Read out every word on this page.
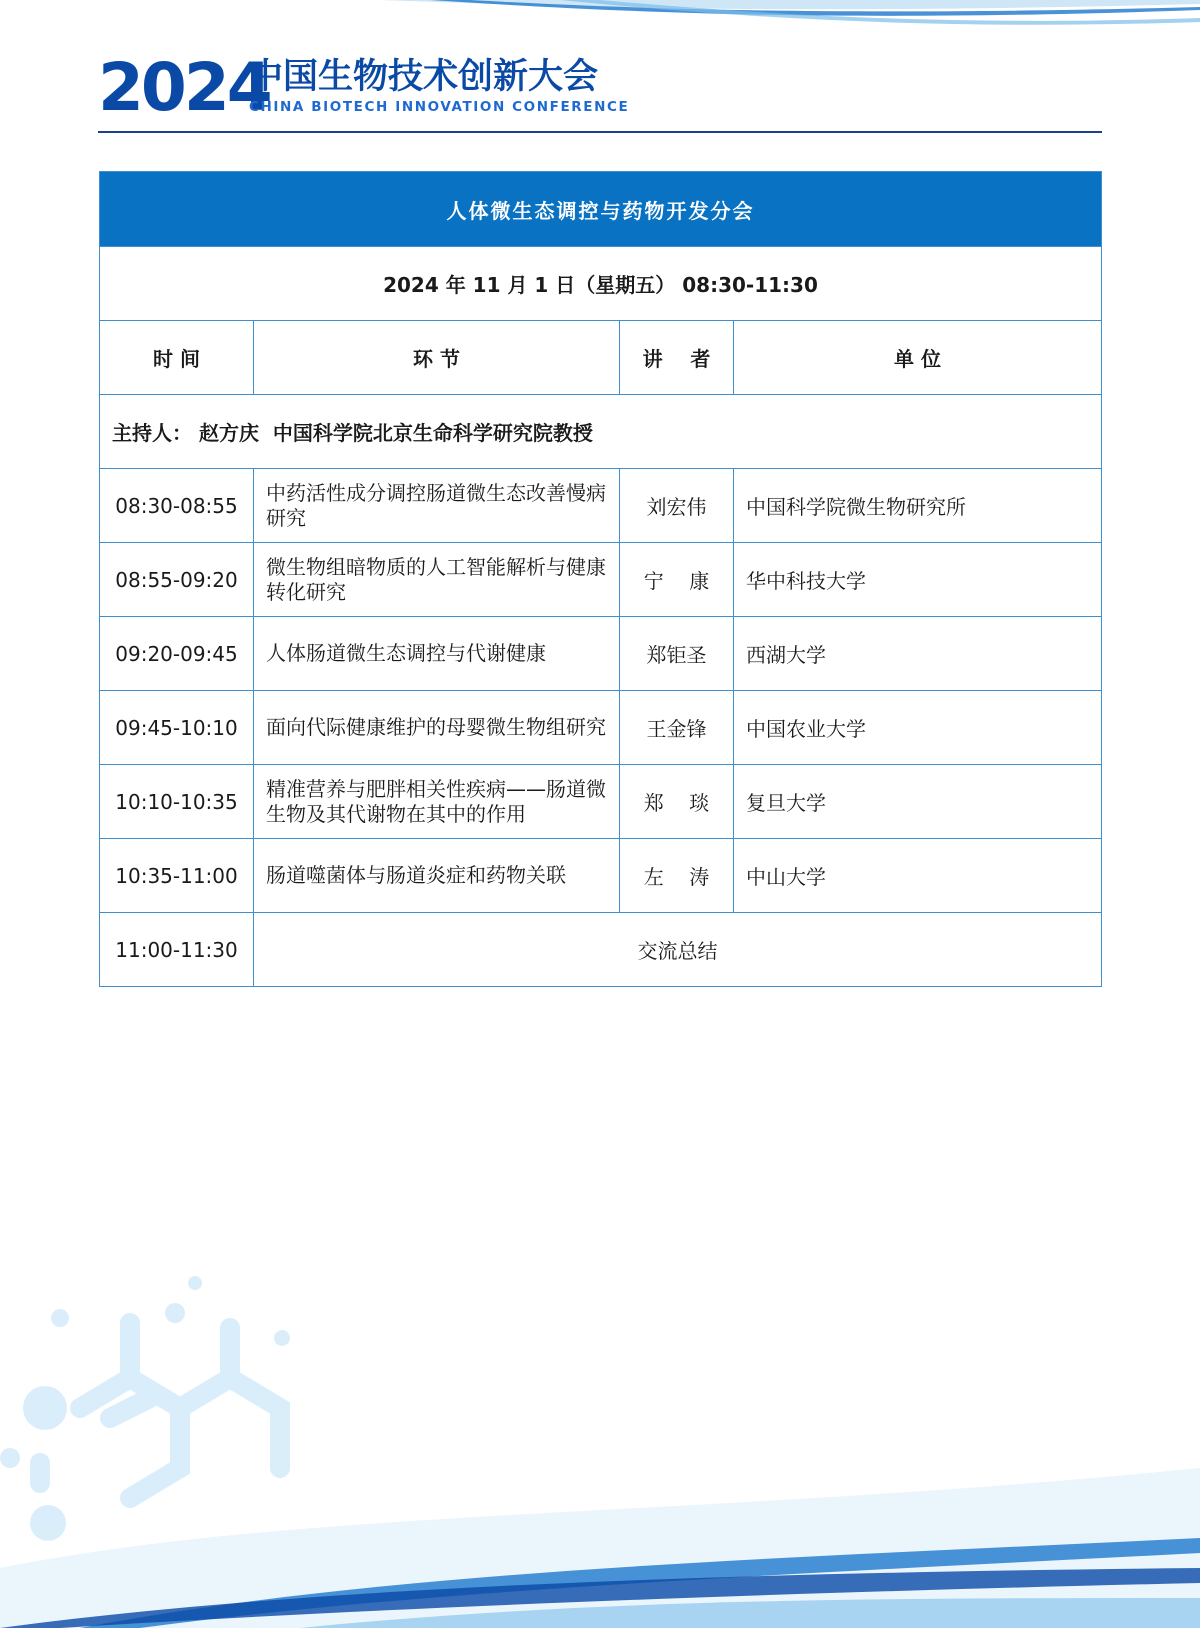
2024
中国生物技术创新大会
CHINA BIOTECH INNOVATION CONFERENCE
人体微生态调控与药物开发分会			
2024 年 11 月 1 日（星期五） 08:30-11:30			
时 间	环 节	讲    者	单 位
主持人： 赵方庆  中国科学院北京生命科学研究院教授			
08:30-08:55	中药活性成分调控肠道微生态改善慢病研究	刘宏伟	中国科学院微生物研究所
08:55-09:20	微生物组暗物质的人工智能解析与健康转化研究	宁    康	华中科技大学
09:20-09:45	人体肠道微生态调控与代谢健康	郑钜圣	西湖大学
09:45-10:10	面向代际健康维护的母婴微生物组研究	王金锋	中国农业大学
10:10-10:35	精准营养与肥胖相关性疾病——肠道微生物及其代谢物在其中的作用	郑    琰	复旦大学
10:35-11:00	肠道噬菌体与肠道炎症和药物关联	左    涛	中山大学
11:00-11:30	交流总结		
